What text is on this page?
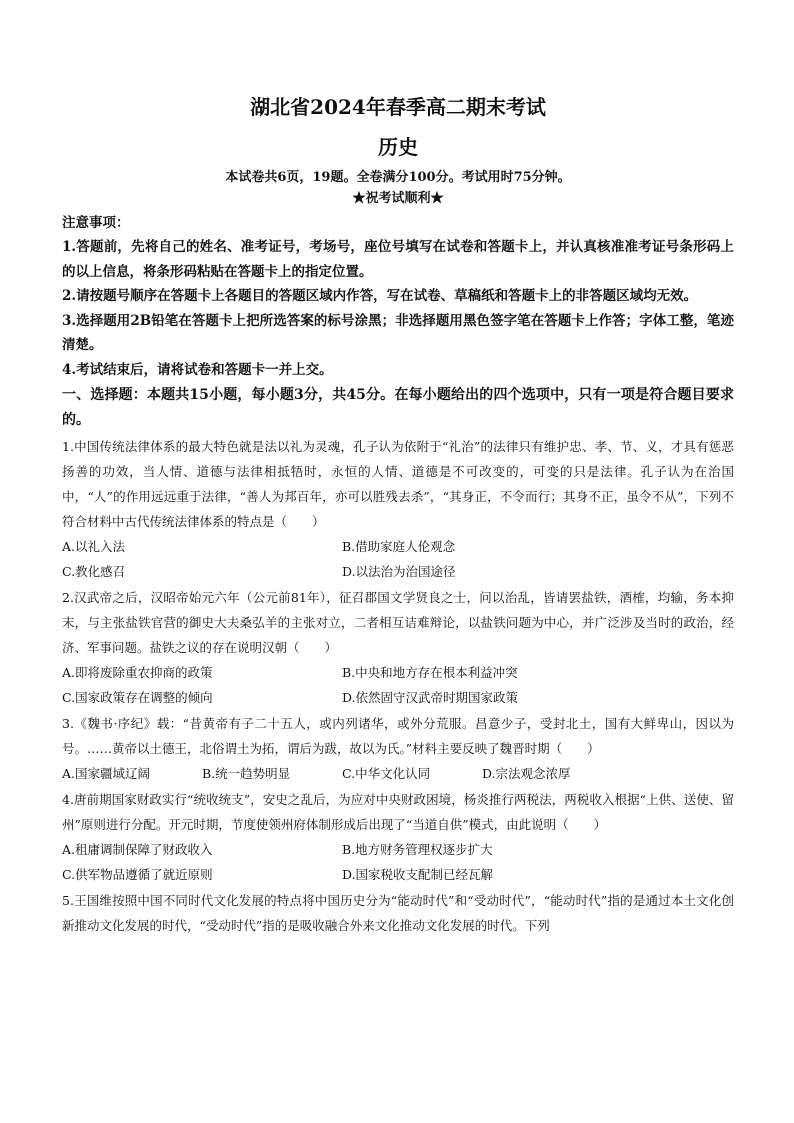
湖北省2024年春季高二期末考试
历史
本试卷共6页，19题。全卷满分100分。考试用时75分钟。
★祝考试顺利★
注意事项：
1.答题前，先将自己的姓名、准考证号，考场号，座位号填写在试卷和答题卡上，并认真核准准考证号条形码上的以上信息，将条形码粘贴在答题卡上的指定位置。
2.请按题号顺序在答题卡上各题目的答题区域内作答，写在试卷、草稿纸和答题卡上的非答题区域均无效。
3.选择题用2B铅笔在答题卡上把所选答案的标号涂黑；非选择题用黑色签字笔在答题卡上作答；字体工整，笔迹清楚。
4.考试结束后，请将试卷和答题卡一并上交。
一、选择题：本题共15小题，每小题3分，共45分。在每小题给出的四个选项中，只有一项是符合题目要求的。
1.中国传统法律体系的最大特色就是法以礼为灵魂，孔子认为依附于“礼治”的法律只有维护忠、孝、节、义，才具有惩恶扬善的功效，当人情、道德与法律相抵牾时，永恒的人情、道德是不可改变的，可变的只是法律。孔子认为在治国中，“人”的作用远远重于法律，“善人为邦百年，亦可以胜残去杀”，“其身正，不令而行；其身不正，虽令不从”，下列不符合材料中古代传统法律体系的特点是（　　）
A.以礼入法	B.借助家庭人伦观念
C.教化感召	D.以法治为治国途径
2.汉武帝之后，汉昭帝始元六年（公元前81年），征召郡国文学贤良之士，问以治乱，皆请罢盐铁，酒榷，均输，务本抑末，与主张盐铁官营的御史大夫桑弘羊的主张对立，二者相互诘难辩论，以盐铁问题为中心，并广泛涉及当时的政治，经济、军事问题。盐铁之议的存在说明汉朝（　　）
A.即将废除重农抑商的政策	B.中央和地方存在根本利益冲突
C.国家政策存在调整的倾向	D.依然固守汉武帝时期国家政策
3.《魏书·序纪》载：“昔黄帝有子二十五人，或内列诸华，或外分荒服。昌意少子，受封北土，国有大鲜卑山，因以为号。……黄帝以土德王，北俗谓土为拓，谓后为跋，故以为氏。”材料主要反映了魏晋时期（　　）
A.国家疆域辽阔	B.统一趋势明显	C.中华文化认同	D.宗法观念浓厚
4.唐前期国家财政实行“统收统支”，安史之乱后，为应对中央财政困境，杨炎推行两税法，两税收入根据“上供、送使、留州”原则进行分配。开元时期，节度使领州府体制形成后出现了“当道自供”模式，由此说明（　　）
A.租庸调制保障了财政收入	B.地方财务管理权逐步扩大
C.供军物品遵循了就近原则	D.国家税收支配制已经瓦解
5.王国维按照中国不同时代文化发展的特点将中国历史分为“能动时代”和“受动时代”，“能动时代”指的是通过本土文化创新推动文化发展的时代，“受动时代”指的是吸收融合外来文化推动文化发展的时代。下列
